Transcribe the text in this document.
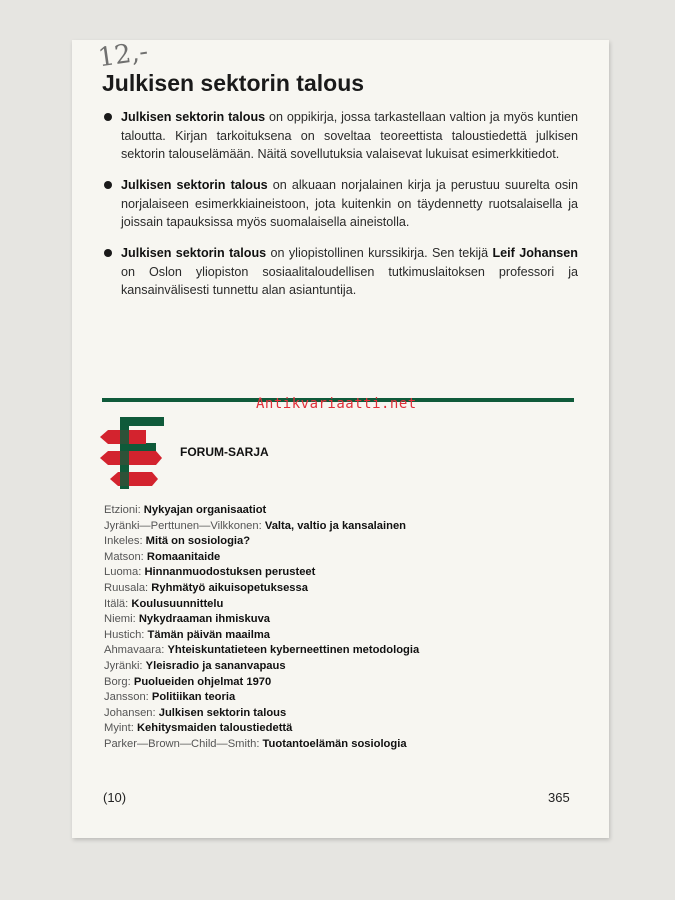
12,-
Julkisen sektorin talous

Julkisen sektorin talous on oppikirja, jossa tarkastellaan valtion ja myös kuntien taloutta. Kirjan tarkoituksena on soveltaa teoreettista taloustiedettä julkisen sektorin talouselämään. Näitä sovellutuksia valaisevat lukuisat esimerkkitiedot.

Julkisen sektorin talous on alkuaan norjalainen kirja ja perustuu suurelta osin norjalaiseen esimerkkiaineistoon, jota kuitenkin on täydennetty ruotsalaisella ja joissain tapauksissa myös suomalaisella aineistolla.

Julkisen sektorin talous on yliopistollinen kurssikirja. Sen tekijä Leif Johansen on Oslon yliopiston sosiaalitaloudellisen tutkimuslaitoksen professori ja kansainvälisesti tunnettu alan asiantuntija.

Antikvariaatti.net
FORUM-SARJA
Etzioni: Nykyajan organisaatiot
Jyränki—Perttunen—Vilkkonen: Valta, valtio ja kansalainen
Inkeles: Mitä on sosiologia?
Matson: Romaanitaide
Luoma: Hinnanmuodostuksen perusteet
Ruusala: Ryhmätyö aikuisopetuksessa
Itälä: Koulusuunnittelu
Niemi: Nykydraaman ihmiskuva
Hustich: Tämän päivän maailma
Ahmavaara: Yhteiskuntatieteen kyberneettinen metodologia
Jyränki: Yleisradio ja sananvapaus
Borg: Puolueiden ohjelmat 1970
Jansson: Politiikan teoria
Johansen: Julkisen sektorin talous
Myint: Kehitysmaiden taloustiedettä
Parker—Brown—Child—Smith: Tuotantoelämän sosiologia
(10)	365
